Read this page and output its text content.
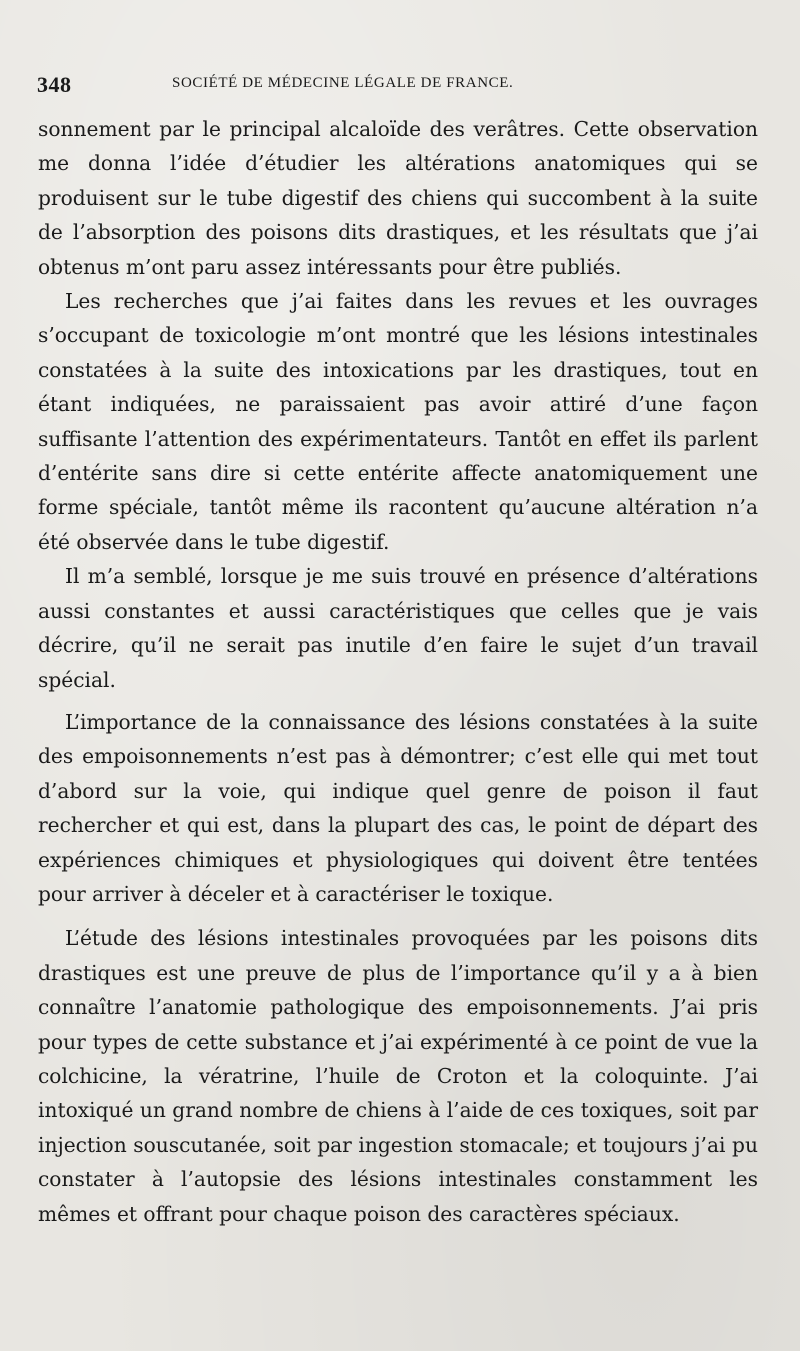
348	SOCIÉTÉ DE MÉDECINE LÉGALE DE FRANCE.

sonnement par le principal alcaloïde des verâtres. Cette observation me donna l’idée d’étudier les altérations anatomiques qui se produisent sur le tube digestif des chiens qui succombent à la suite de l’absorption des poisons dits drastiques, et les résultats que j’ai obtenus m’ont paru assez intéressants pour être publiés.

Les recherches que j’ai faites dans les revues et les ouvrages s’occupant de toxicologie m’ont montré que les lésions intestinales constatées à la suite des intoxications par les drastiques, tout en étant indiquées, ne paraissaient pas avoir attiré d’une façon suffisante l’attention des expérimentateurs. Tantôt en effet ils parlent d’entérite sans dire si cette entérite affecte anatomiquement une forme spéciale, tantôt même ils racontent qu’aucune altération n’a été observée dans le tube digestif.

Il m’a semblé, lorsque je me suis trouvé en présence d’altérations aussi constantes et aussi caractéristiques que celles que je vais décrire, qu’il ne serait pas inutile d’en faire le sujet d’un travail spécial.

L’importance de la connaissance des lésions constatées à la suite des empoisonnements n’est pas à démontrer; c’est elle qui met tout d’abord sur la voie, qui indique quel genre de poison il faut rechercher et qui est, dans la plupart des cas, le point de départ des expériences chimiques et physiologiques qui doivent être tentées pour arriver à déceler et à caractériser le toxique.

L’étude des lésions intestinales provoquées par les poisons dits drastiques est une preuve de plus de l’importance qu’il y a à bien connaître l’anatomie pathologique des empoisonnements. J’ai pris pour types de cette substance et j’ai expérimenté à ce point de vue la colchicine, la vératrine, l’huile de Croton et la coloquinte. J’ai intoxiqué un grand nombre de chiens à l’aide de ces toxiques, soit par injection souscutanée, soit par ingestion stomacale; et toujours j’ai pu constater à l’autopsie des lésions intestinales constamment les mêmes et offrant pour chaque poison des caractères spéciaux.
